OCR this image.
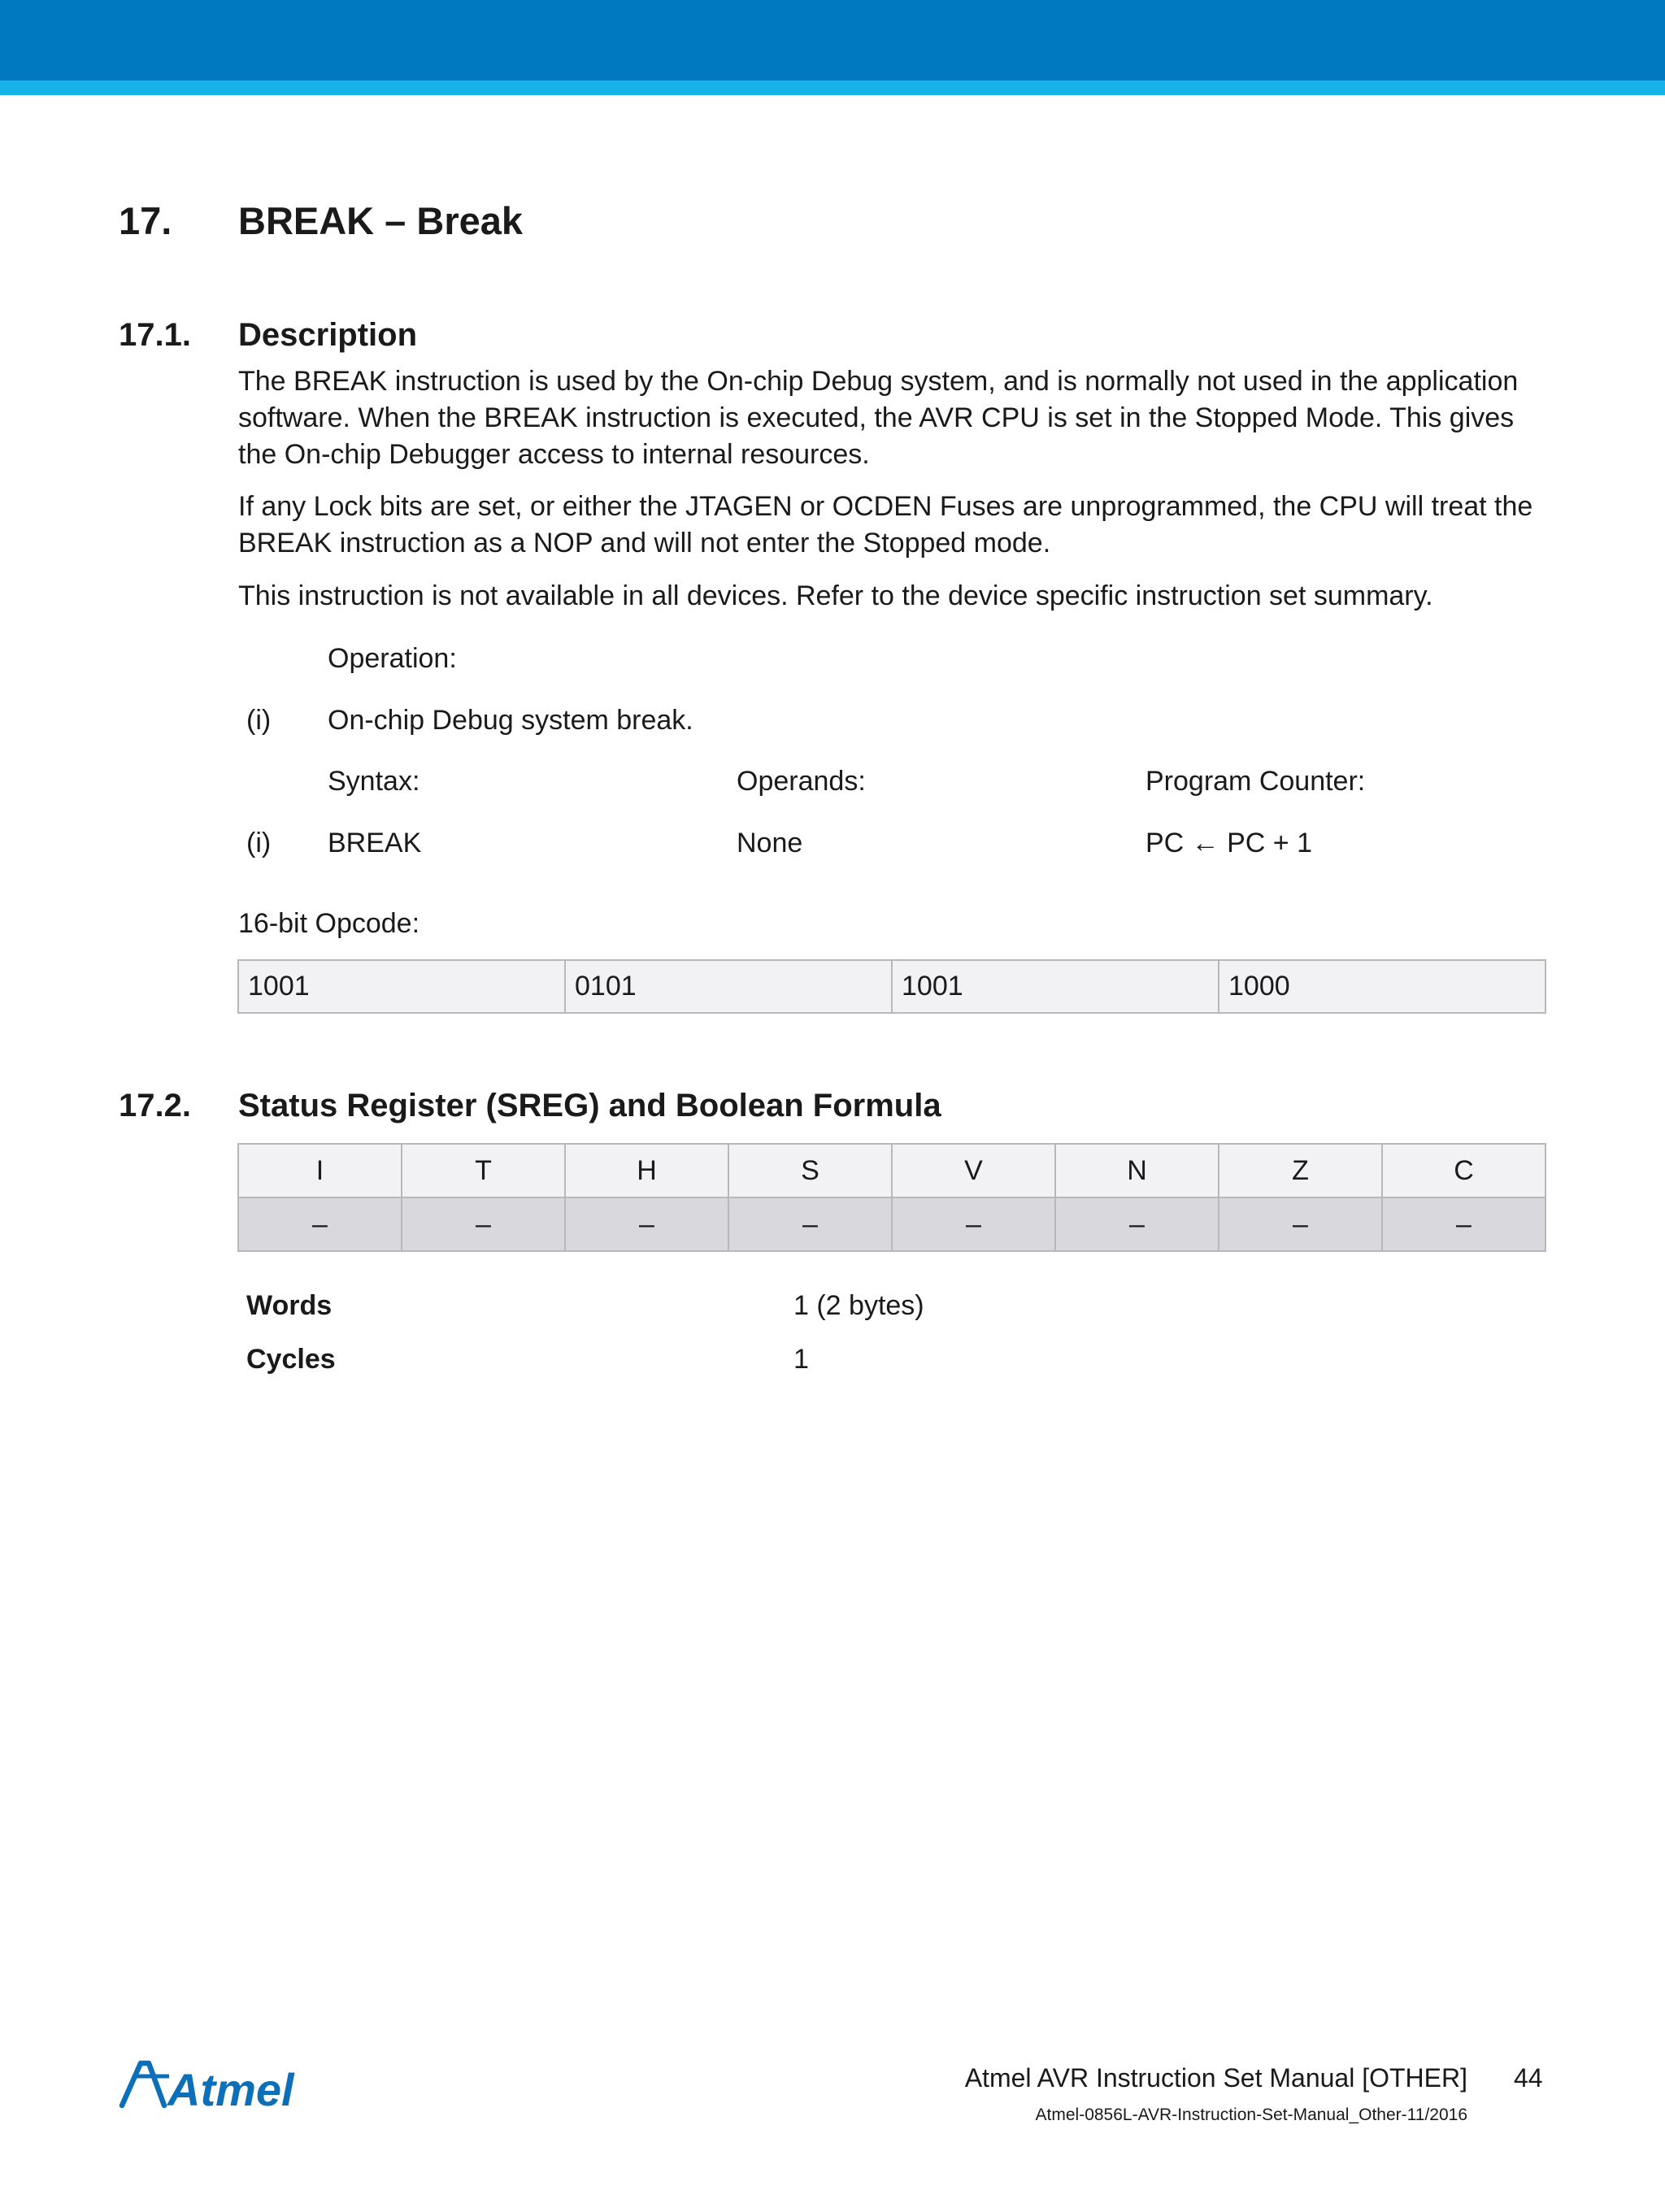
17. BREAK – Break
17.1. Description
The BREAK instruction is used by the On-chip Debug system, and is normally not used in the application software. When the BREAK instruction is executed, the AVR CPU is set in the Stopped Mode. This gives the On-chip Debugger access to internal resources.
If any Lock bits are set, or either the JTAGEN or OCDEN Fuses are unprogrammed, the CPU will treat the BREAK instruction as a NOP and will not enter the Stopped mode.
This instruction is not available in all devices. Refer to the device specific instruction set summary.
Operation:
(i) On-chip Debug system break.
Syntax:	Operands:	Program Counter:
(i) BREAK	None	PC ← PC + 1
16-bit Opcode:
1001	0101	1001	1000
17.2. Status Register (SREG) and Boolean Formula
I	T	H	S	V	N	Z	C
–	–	–	–	–	–	–	–
Words	1 (2 bytes)
Cycles	1
Atmel	Atmel AVR Instruction Set Manual [OTHER] 44
Atmel-0856L-AVR-Instruction-Set-Manual_Other-11/2016
